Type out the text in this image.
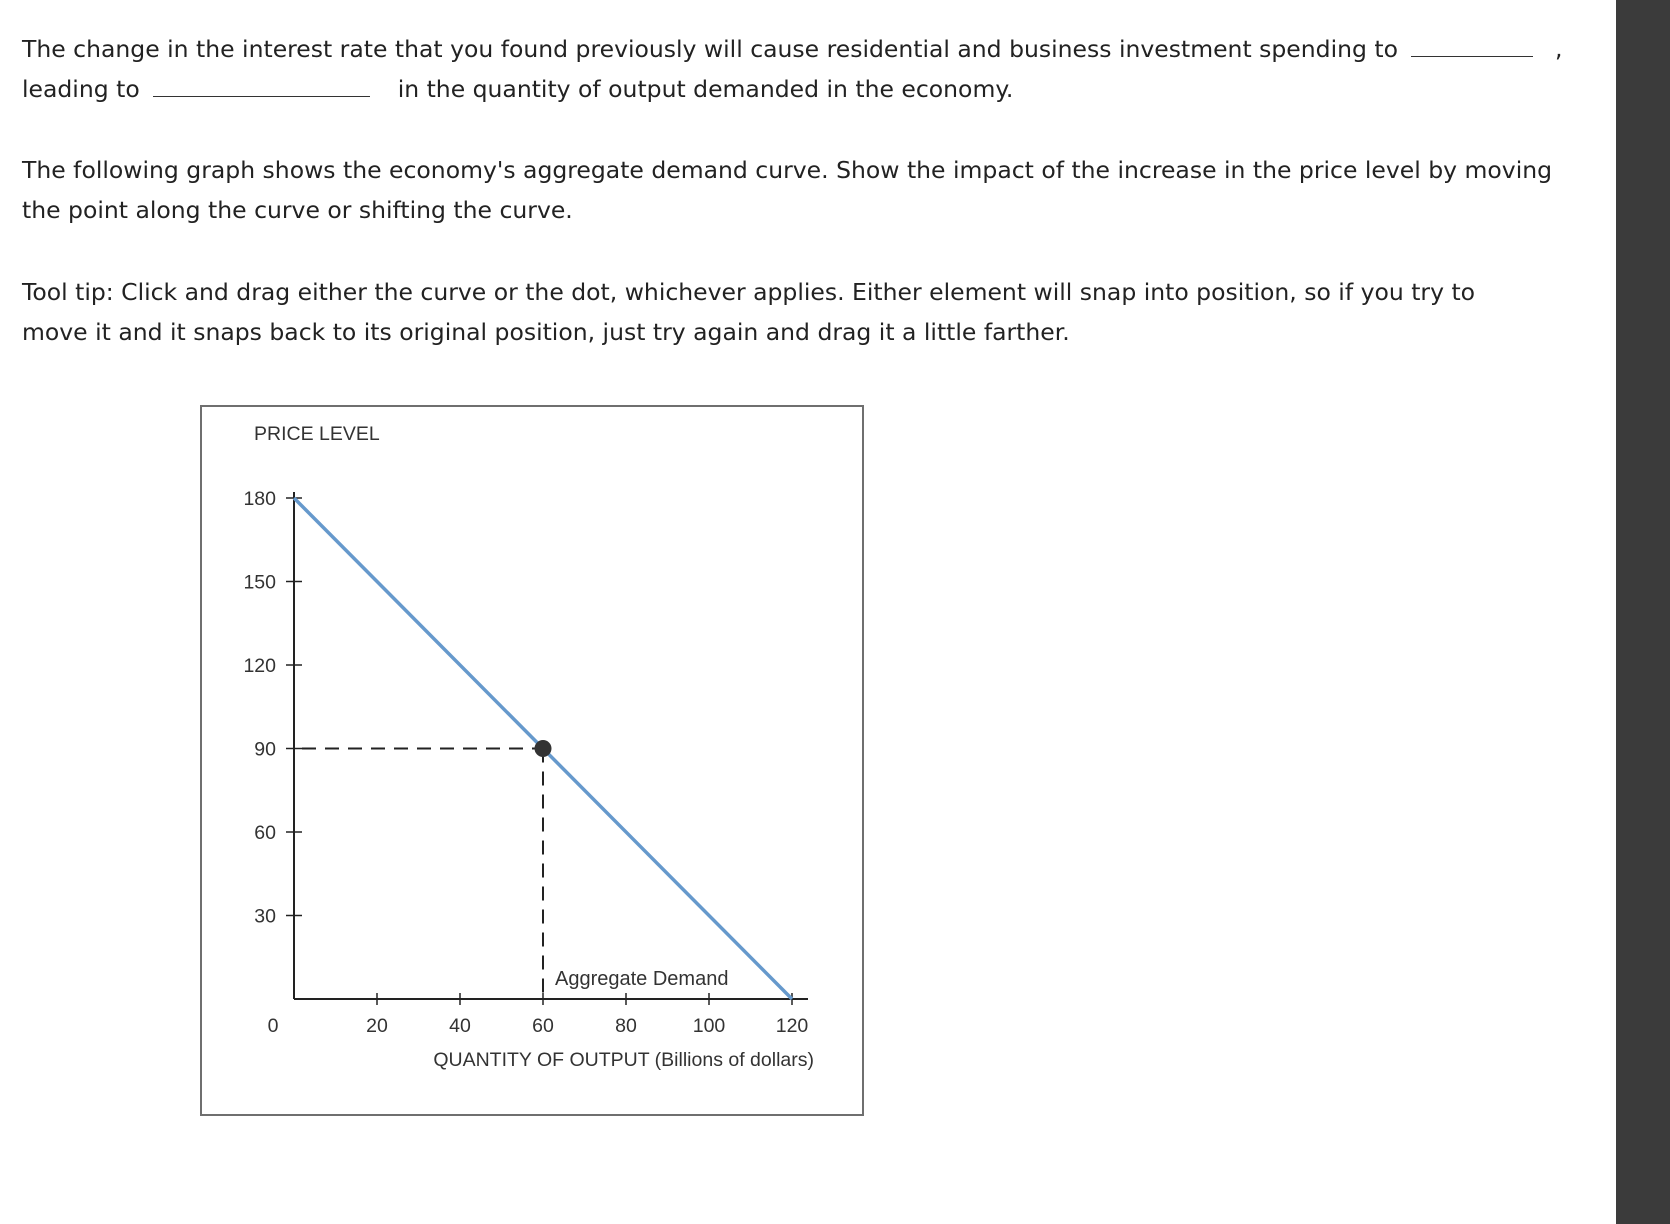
The change in the interest rate that you found previously will cause residential and business investment spending to	,
leading to	in the quantity of output demanded in the economy.
The following graph shows the economy's aggregate demand curve. Show the impact of the increase in the price level by moving
the point along the curve or shifting the curve.
Tool tip: Click and drag either the curve or the dot, whichever applies. Either element will snap into position, so if you try to
move it and it snaps back to its original position, just try again and drag it a little farther.
PRICE LEVEL
20	40	60	80	100	120
30
60
90
120
150
180
Aggregate Demand
0
QUANTITY OF OUTPUT (Billions of dollars)
